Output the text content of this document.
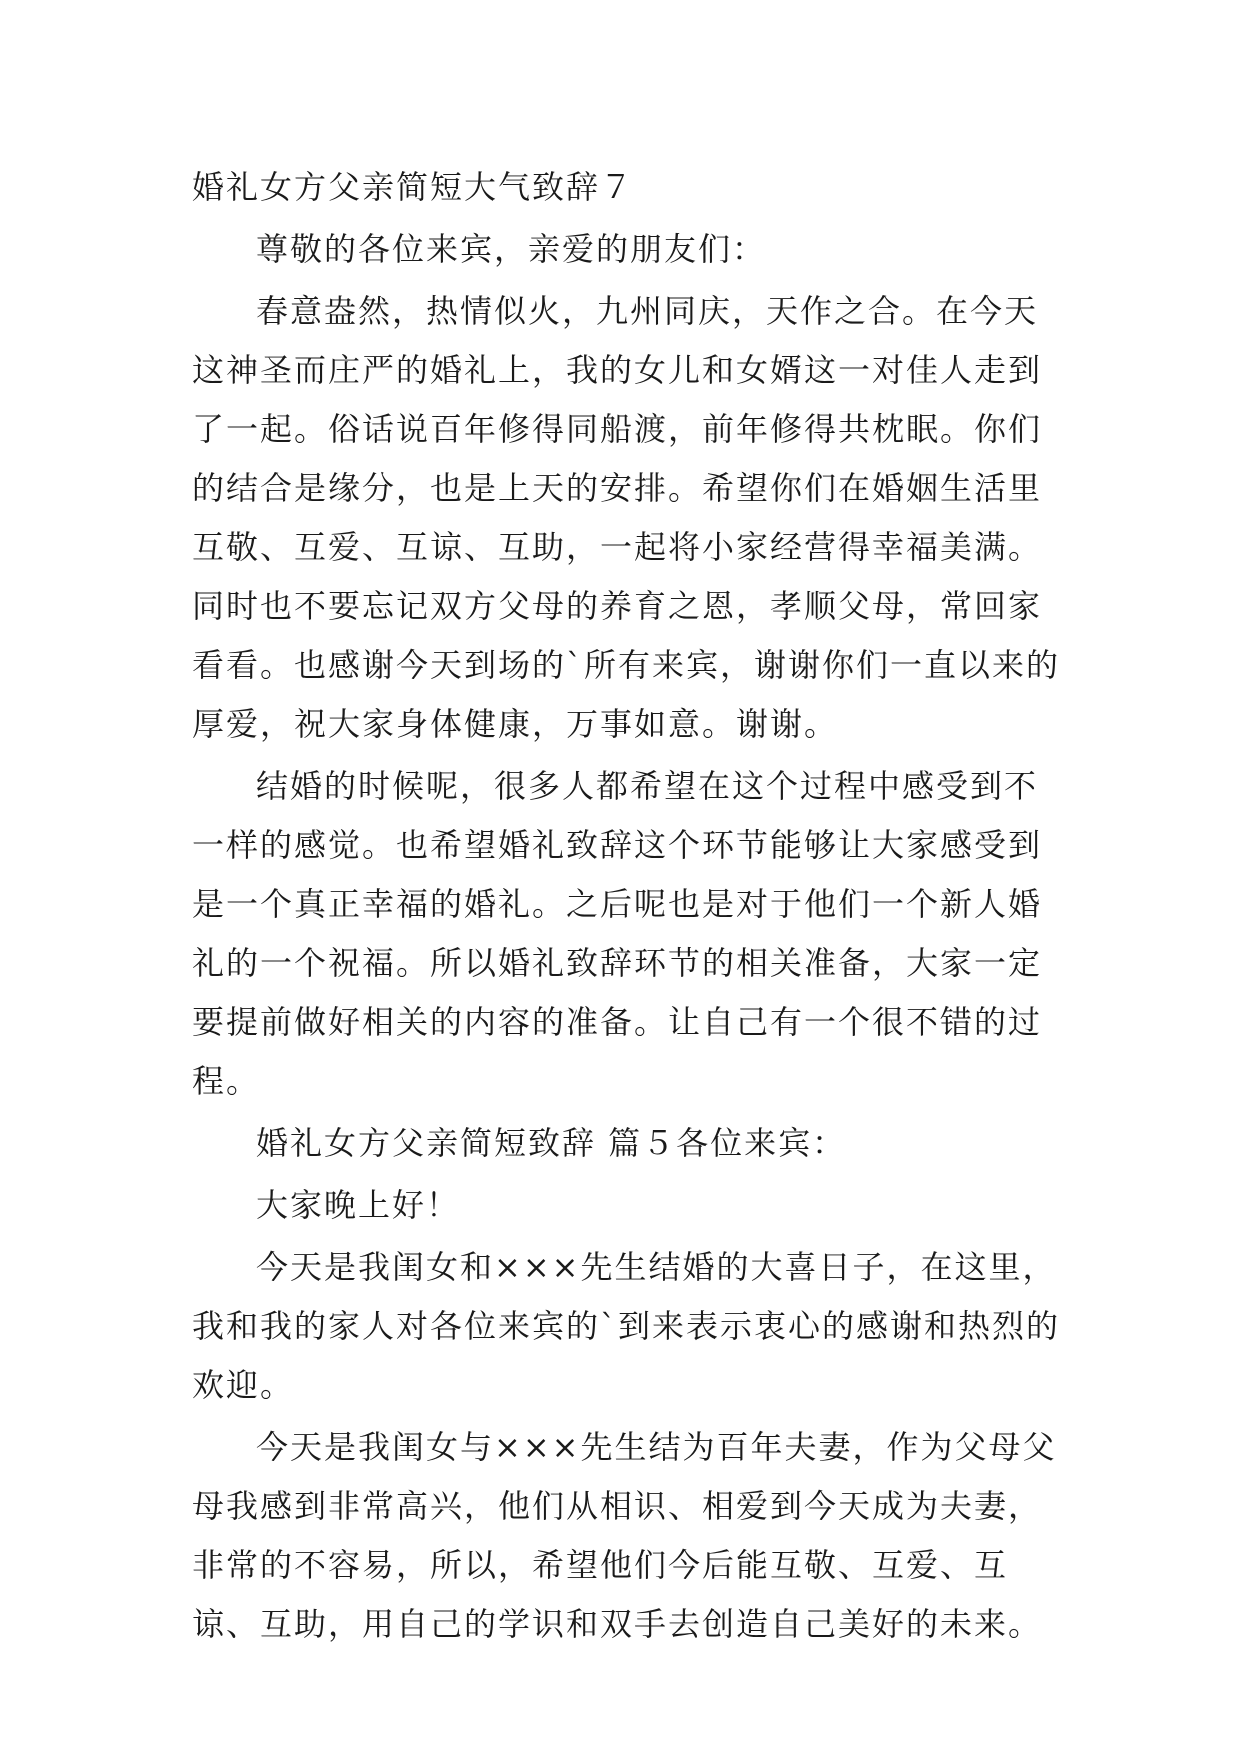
婚礼女方父亲简短大气致辞７

尊敬的各位来宾，亲爱的朋友们：

春意盎然，热情似火，九州同庆，天作之合。在今天这神圣而庄严的婚礼上，我的女儿和女婿这一对佳人走到了一起。俗话说百年修得同船渡，前年修得共枕眠。你们的结合是缘分，也是上天的安排。希望你们在婚姻生活里互敬、互爱、互谅、互助，一起将小家经营得幸福美满。同时也不要忘记双方父母的养育之恩，孝顺父母，常回家看看。也感谢今天到场的`所有来宾，谢谢你们一直以来的厚爱，祝大家身体健康，万事如意。谢谢。

结婚的时候呢，很多人都希望在这个过程中感受到不一样的感觉。也希望婚礼致辞这个环节能够让大家感受到是一个真正幸福的婚礼。之后呢也是对于他们一个新人婚礼的一个祝福。所以婚礼致辞环节的相关准备，大家一定要提前做好相关的内容的准备。让自己有一个很不错的过程。

婚礼女方父亲简短致辞 篇５各位来宾：

大家晚上好！

今天是我闺女和×××先生结婚的大喜日子，在这里，我和我的家人对各位来宾的`到来表示衷心的感谢和热烈的欢迎。

今天是我闺女与×××先生结为百年夫妻，作为父母父母我感到非常高兴，他们从相识、相爱到今天成为夫妻，非常的不容易，所以，希望他们今后能互敬、互爱、互谅、互助，用自己的学识和双手去创造自己美好的未来。
